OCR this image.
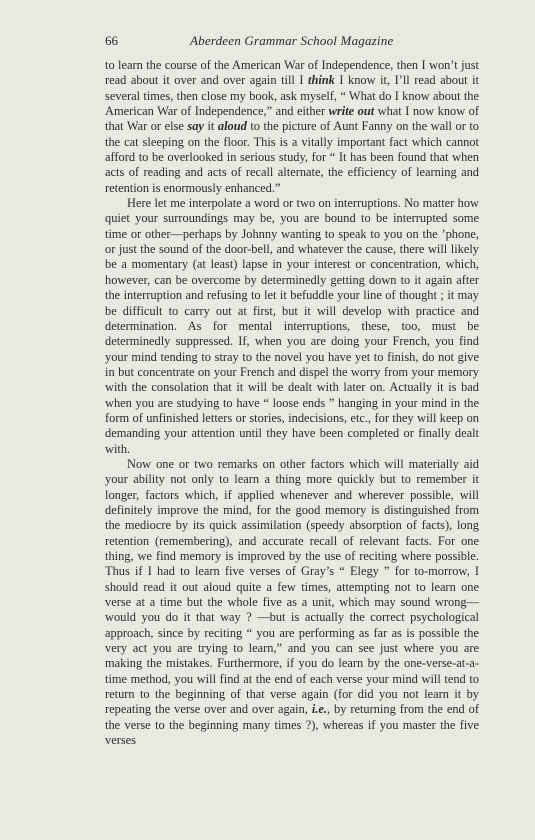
66	Aberdeen Grammar School Magazine

to learn the course of the American War of Independence, then I won’t just read about it over and over again till I think I know it, I’ll read about it several times, then close my book, ask myself, “ What do I know about the American War of Independence,” and either write out what I now know of that War or else say it aloud to the picture of Aunt Fanny on the wall or to the cat sleeping on the floor. This is a vitally important fact which cannot afford to be overlooked in serious study, for “ It has been found that when acts of reading and acts of recall alternate, the efficiency of learning and retention is enormously enhanced.”

Here let me interpolate a word or two on interruptions. No matter how quiet your surroundings may be, you are bound to be interrupted some time or other—perhaps by Johnny wanting to speak to you on the ’phone, or just the sound of the door-bell, and whatever the cause, there will likely be a momentary (at least) lapse in your interest or concentration, which, however, can be overcome by determinedly getting down to it again after the interruption and refusing to let it befuddle your line of thought ; it may be difficult to carry out at first, but it will develop with practice and determination. As for mental interruptions, these, too, must be determinedly suppressed. If, when you are doing your French, you find your mind tending to stray to the novel you have yet to finish, do not give in but concentrate on your French and dispel the worry from your memory with the consolation that it will be dealt with later on. Actually it is bad when you are studying to have “ loose ends ” hanging in your mind in the form of unfinished letters or stories, indecisions, etc., for they will keep on demanding your attention until they have been completed or finally dealt with.

Now one or two remarks on other factors which will materially aid your ability not only to learn a thing more quickly but to remember it longer, factors which, if applied whenever and wherever possible, will definitely improve the mind, for the good memory is distinguished from the mediocre by its quick assimilation (speedy absorption of facts), long retention (remembering), and accurate recall of relevant facts. For one thing, we find memory is improved by the use of reciting where possible. Thus if I had to learn five verses of Gray’s “ Elegy ” for to-morrow, I should read it out aloud quite a few times, attempting not to learn one verse at a time but the whole five as a unit, which may sound wrong—would you do it that way ? —but is actually the correct psychological approach, since by reciting “ you are performing as far as is possible the very act you are trying to learn,” and you can see just where you are making the mistakes. Furthermore, if you do learn by the one-verse-at-a-time method, you will find at the end of each verse your mind will tend to return to the beginning of that verse again (for did you not learn it by repeating the verse over and over again, i.e., by returning from the end of the verse to the beginning many times ?), whereas if you master the five verses
